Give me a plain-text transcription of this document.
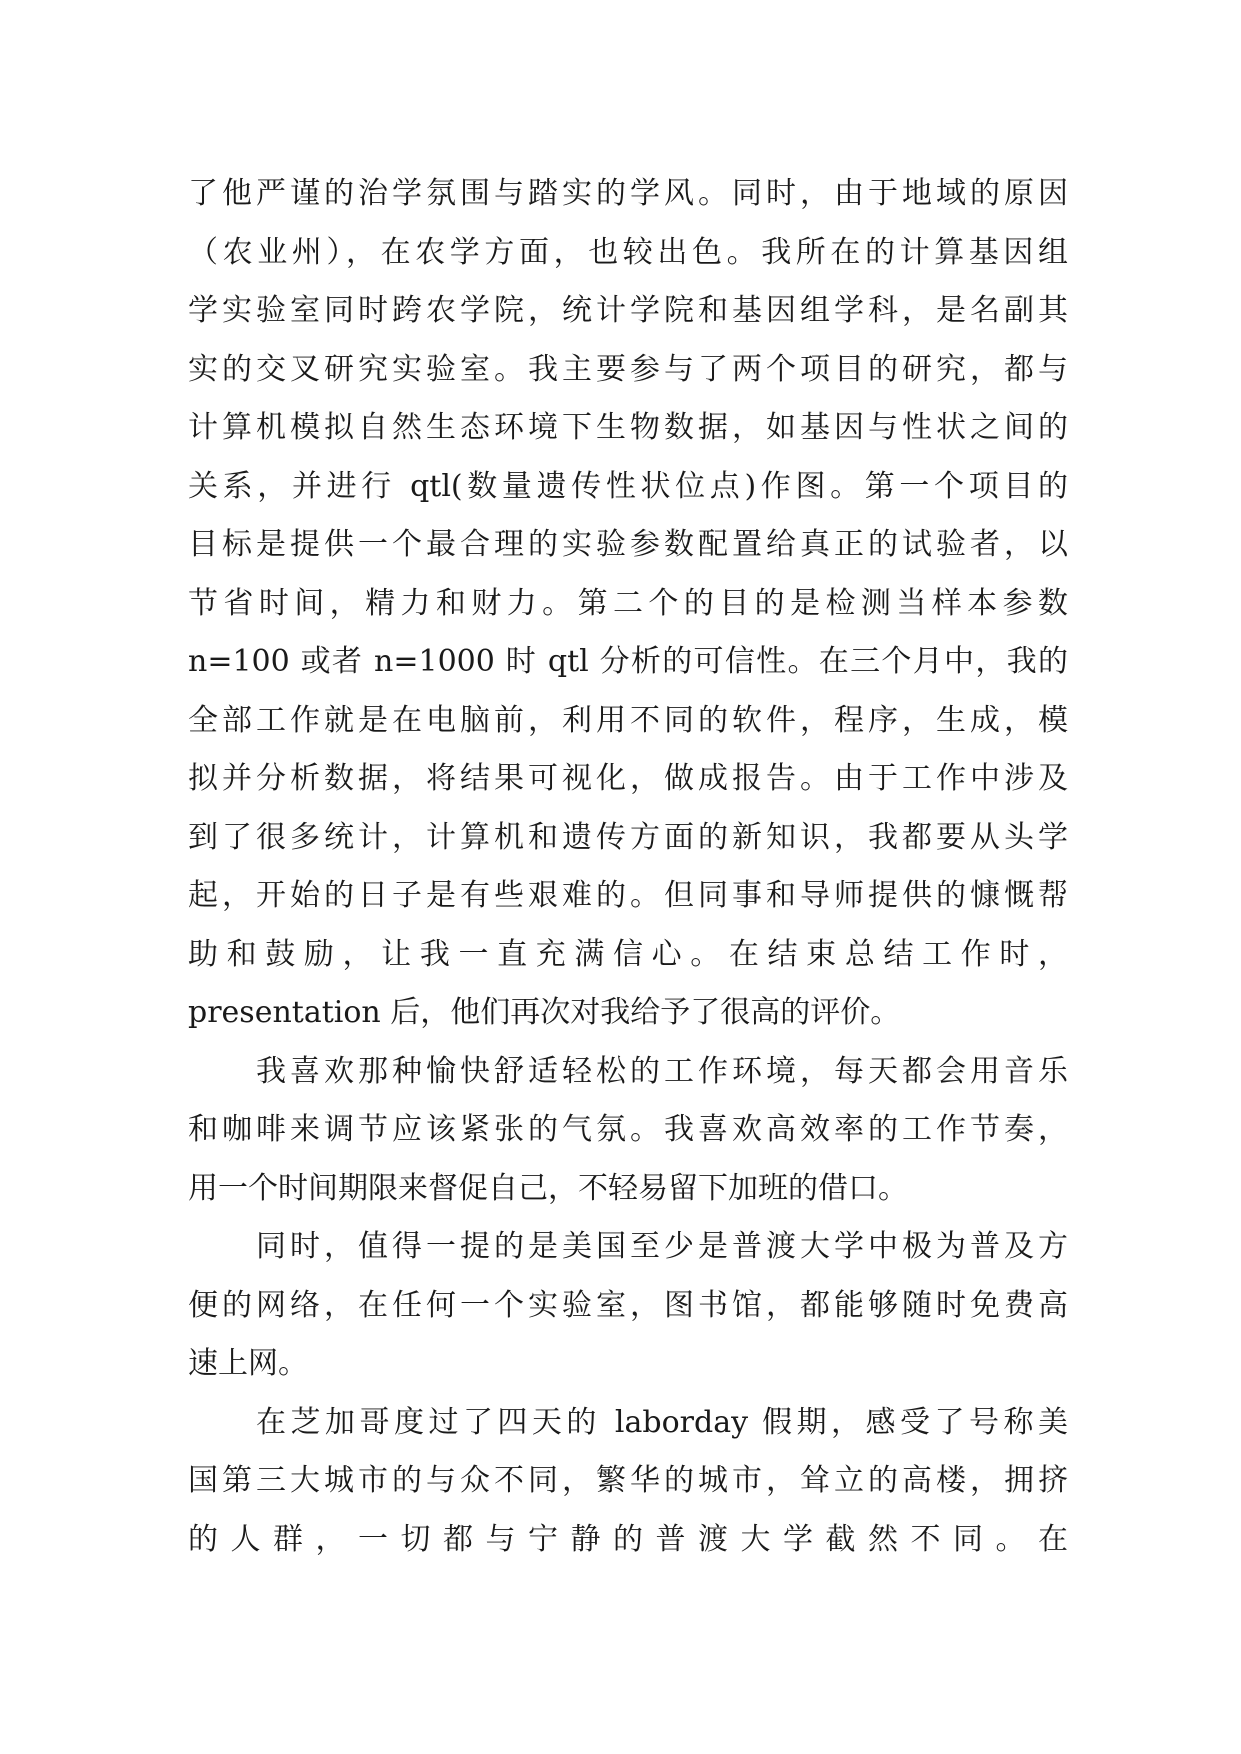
了他严谨的治学氛围与踏实的学风。同时，由于地域的原因
（农业州），在农学方面，也较出色。我所在的计算基因组
学实验室同时跨农学院，统计学院和基因组学科，是名副其
实的交叉研究实验室。我主要参与了两个项目的研究，都与
计算机模拟自然生态环境下生物数据，如基因与性状之间的
关系，并进行 qtl(数量遗传性状位点)作图。第一个项目的
目标是提供一个最合理的实验参数配置给真正的试验者，以
节省时间，精力和财力。第二个的目的是检测当样本参数
n=100 或者 n=1000 时 qtl 分析的可信性。在三个月中，我的
全部工作就是在电脑前，利用不同的软件，程序，生成，模
拟并分析数据，将结果可视化，做成报告。由于工作中涉及
到了很多统计，计算机和遗传方面的新知识，我都要从头学
起，开始的日子是有些艰难的。但同事和导师提供的慷慨帮
助和鼓励，让我一直充满信心。在结束总结工作时，
presentation 后，他们再次对我给予了很高的评价。
我喜欢那种愉快舒适轻松的工作环境，每天都会用音乐
和咖啡来调节应该紧张的气氛。我喜欢高效率的工作节奏，
用一个时间期限来督促自己，不轻易留下加班的借口。
同时，值得一提的是美国至少是普渡大学中极为普及方
便的网络，在任何一个实验室，图书馆，都能够随时免费高
速上网。
在芝加哥度过了四天的 laborday 假期，感受了号称美
国第三大城市的与众不同，繁华的城市，耸立的高楼，拥挤
的人群，一切都与宁静的普渡大学截然不同。在
